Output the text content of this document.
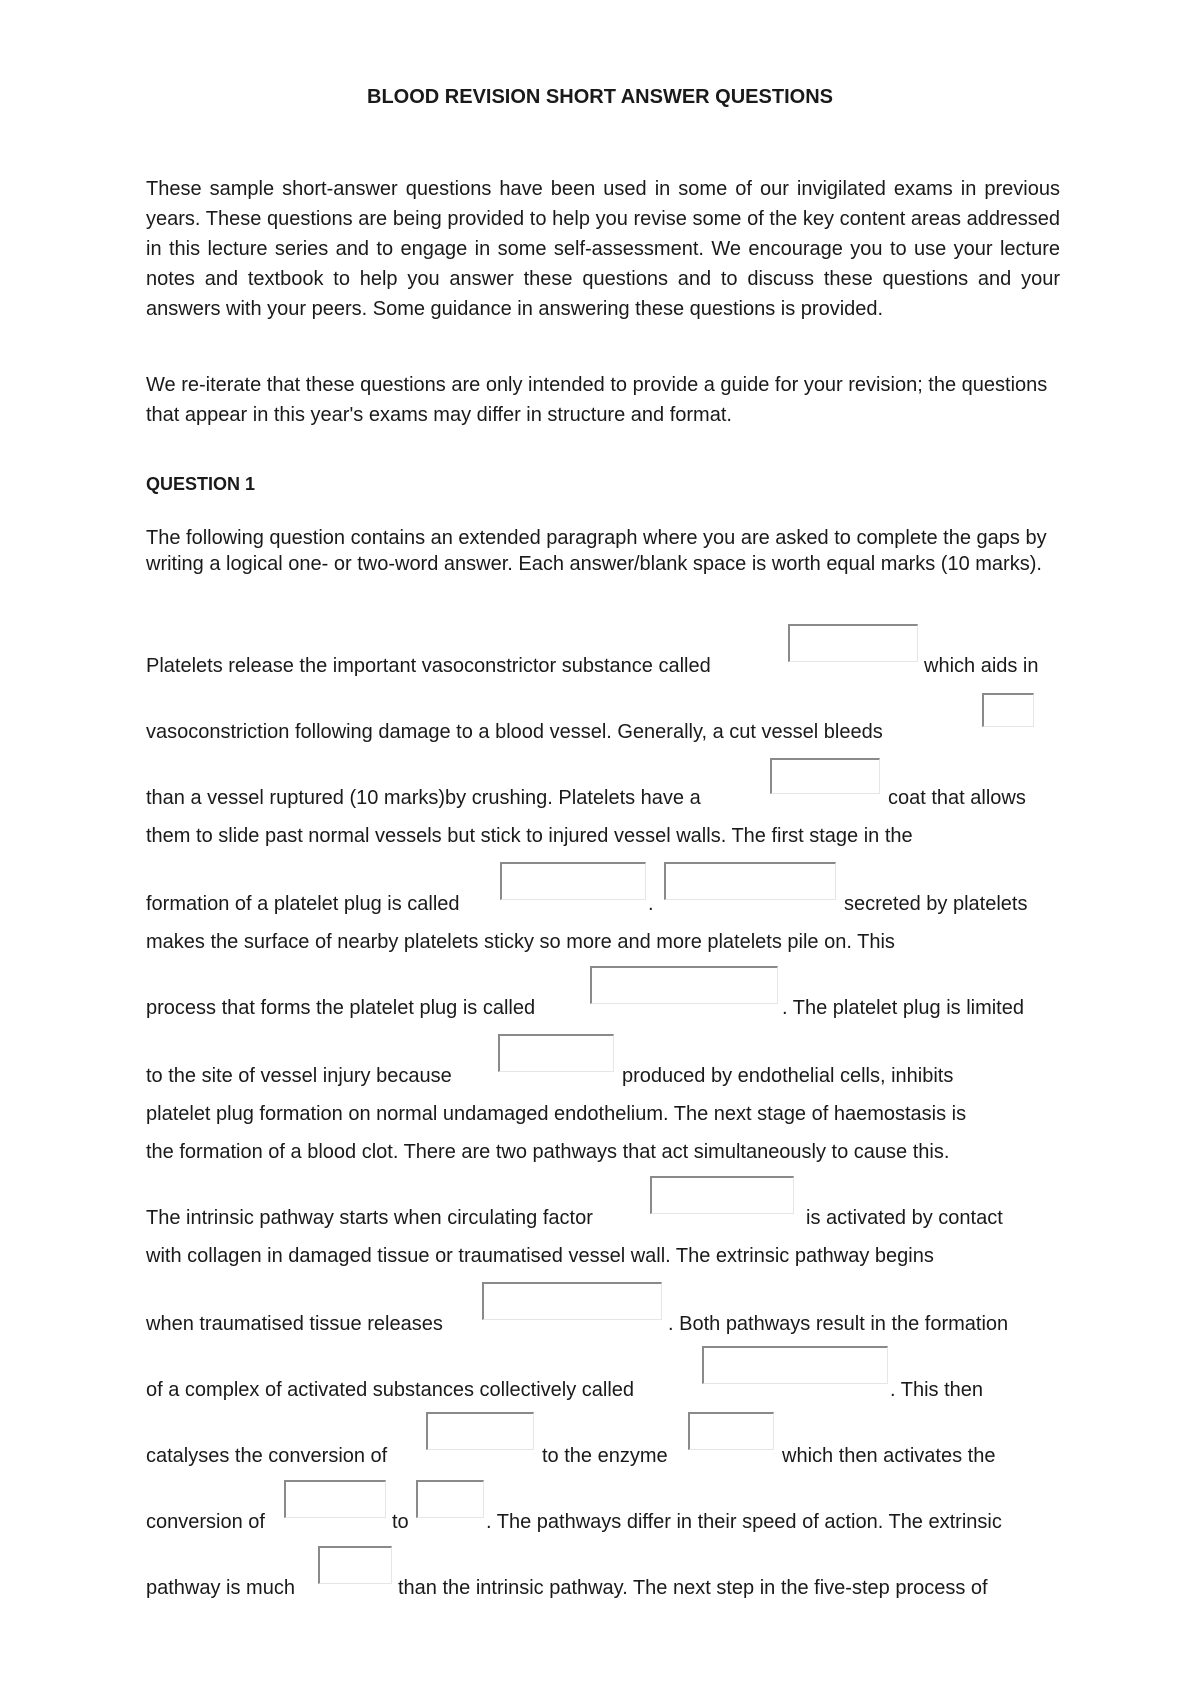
BLOOD REVISION SHORT ANSWER QUESTIONS

These sample short-answer questions have been used in some of our invigilated exams in previous years. These questions are being provided to help you revise some of the key content areas addressed in this lecture series and to engage in some self-assessment. We encourage you to use your lecture notes and textbook to help you answer these questions and to discuss these questions and your answers with your peers. Some guidance in answering these questions is provided.

We re-iterate that these questions are only intended to provide a guide for your revision; the questions that appear in this year's exams may differ in structure and format.

QUESTION 1

The following question contains an extended paragraph where you are asked to complete the gaps by writing a logical one- or two-word answer. Each answer/blank space is worth equal marks (10 marks).

Platelets release the important vasoconstrictor substance called	which aids in
vasoconstriction following damage to a blood vessel. Generally, a cut vessel bleeds
than a vessel ruptured (10 marks)by crushing. Platelets have a	coat that allows
them to slide past normal vessels but stick to injured vessel walls. The first stage in the
formation of a platelet plug is called	.	secreted by platelets
makes the surface of nearby platelets sticky so more and more platelets pile on. This
process that forms the platelet plug is called	. The platelet plug is limited
to the site of vessel injury because	produced by endothelial cells, inhibits
platelet plug formation on normal undamaged endothelium. The next stage of haemostasis is
the formation of a blood clot. There are two pathways that act simultaneously to cause this.
The intrinsic pathway starts when circulating factor	is activated by contact
with collagen in damaged tissue or traumatised vessel wall. The extrinsic pathway begins
when traumatised tissue releases	. Both pathways result in the formation
of a complex of activated substances collectively called	. This then
catalyses the conversion of	to the enzyme	which then activates the
conversion of	to	. The pathways differ in their speed of action. The extrinsic
pathway is much	than the intrinsic pathway. The next step in the five-step process of
